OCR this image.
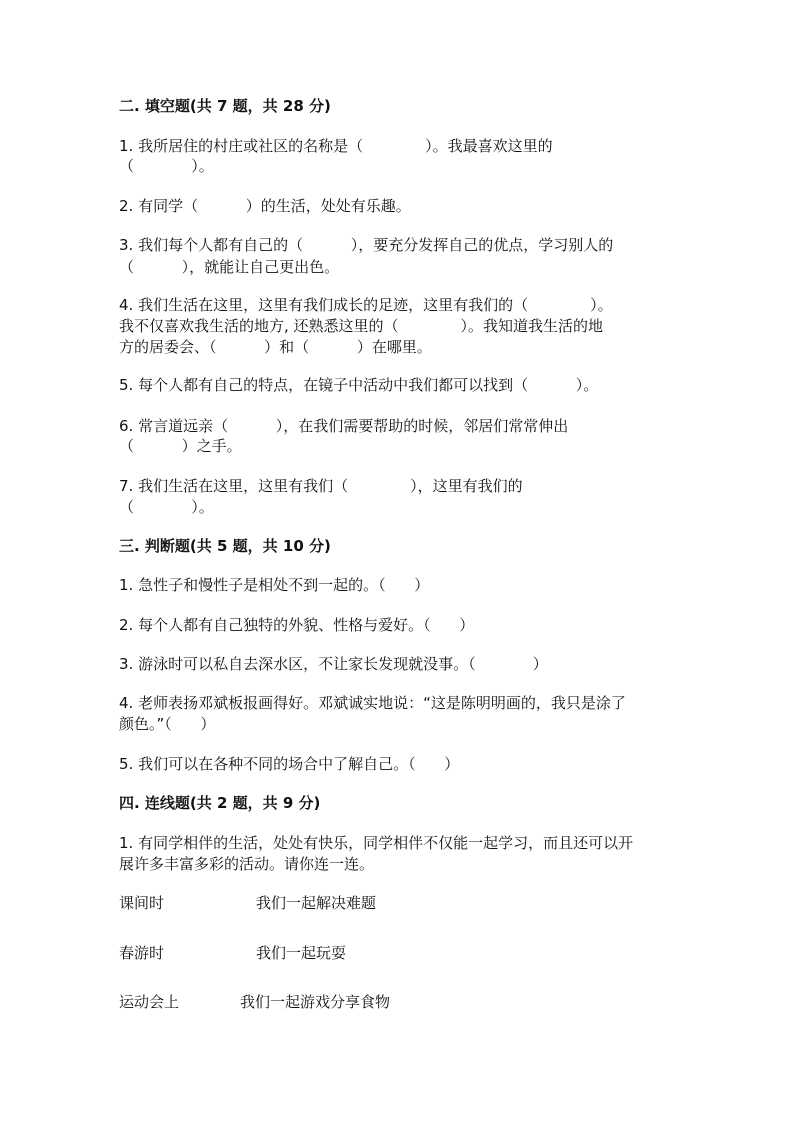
二. 填空题(共 7 题，共 28 分)
1. 我所居住的村庄或社区的名称是（             ）。我最喜欢这里的
（            ）。
2. 有同学（          ）的生活，处处有乐趣。
3. 我们每个人都有自己的（          ），要充分发挥自己的优点，学习别人的
（          ），就能让自己更出色。
4. 我们生活在这里，这里有我们成长的足迹，这里有我们的（             ）。
我不仅喜欢我生活的地方, 还熟悉这里的（             ）。我知道我生活的地
方的居委会、（          ）和（          ）在哪里。
5. 每个人都有自己的特点，在镜子中活动中我们都可以找到（          ）。
6. 常言道远亲（          ），在我们需要帮助的时候，邻居们常常伸出
（          ）之手。
7. 我们生活在这里，这里有我们（             ），这里有我们的
（            ）。
三. 判断题(共 5 题，共 10 分)
1. 急性子和慢性子是相处不到一起的。（      ）
2. 每个人都有自己独特的外貌、性格与爱好。（      ）
3. 游泳时可以私自去深水区，不让家长发现就没事。（            ）
4. 老师表扬邓斌板报画得好。邓斌诚实地说：“这是陈明明画的，我只是涂了
颜色。”（      ）
5. 我们可以在各种不同的场合中了解自己。（      ）
四. 连线题(共 2 题，共 9 分)
1. 有同学相伴的生活，处处有快乐，同学相伴不仅能一起学习，而且还可以开
展许多丰富多彩的活动。请你连一连。
课间时	我们一起解决难题
春游时	我们一起玩耍
运动会上	我们一起游戏分享食物
